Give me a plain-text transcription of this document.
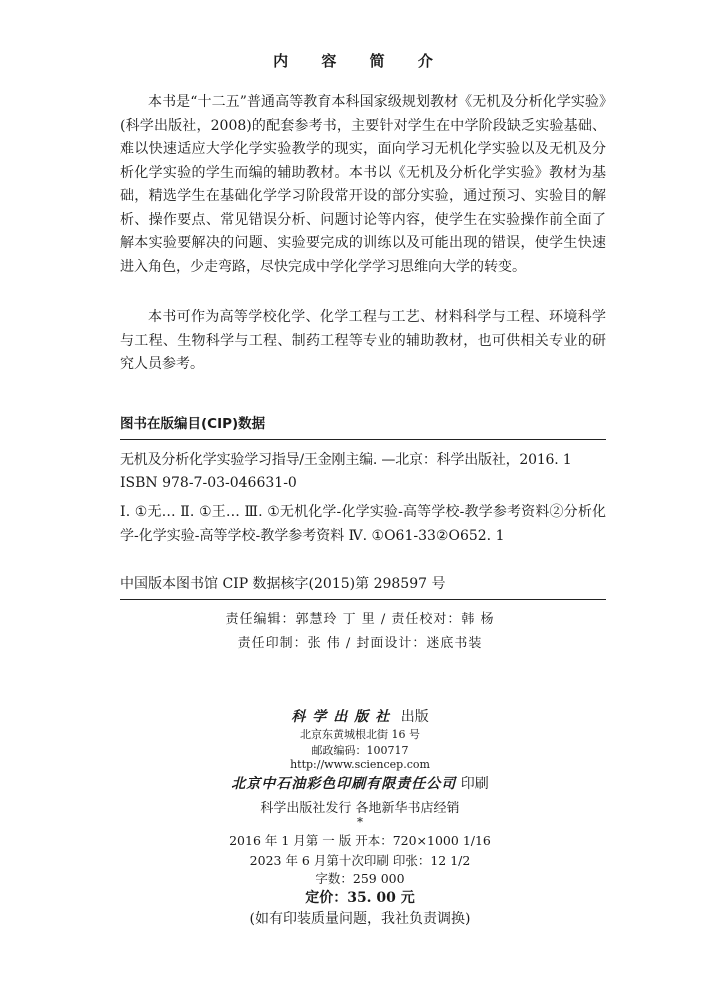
内 容 简 介

本书是“十二五”普通高等教育本科国家级规划教材《无机及分析化学实验》(科学出版社，2008)的配套参考书，主要针对学生在中学阶段缺乏实验基础、难以快速适应大学化学实验教学的现实，面向学习无机化学实验以及无机及分析化学实验的学生而编的辅助教材。本书以《无机及分析化学实验》教材为基础，精选学生在基础化学学习阶段常开设的部分实验，通过预习、实验目的解析、操作要点、常见错误分析、问题讨论等内容，使学生在实验操作前全面了解本实验要解决的问题、实验要完成的训练以及可能出现的错误，使学生快速进入角色，少走弯路，尽快完成中学化学学习思维向大学的转变。

本书可作为高等学校化学、化学工程与工艺、材料科学与工程、环境科学与工程、生物科学与工程、制药工程等专业的辅助教材，也可供相关专业的研究人员参考。

图书在版编目(CIP)数据

无机及分析化学实验学习指导/王金刚主编. —北京：科学出版社，2016. 1

ISBN 978-7-03-046631-0

Ⅰ. ①无… Ⅱ. ①王… Ⅲ. ①无机化学-化学实验-高等学校-教学参考资料②分析化学-化学实验-高等学校-教学参考资料 Ⅳ. ①O61-33②O652. 1

中国版本图书馆 CIP 数据核字(2015)第 298597 号

责任编辑：郭慧玲 丁 里 / 责任校对：韩 杨
责任印制：张 伟 / 封面设计：迷底书装

科学出版社 出版

北京东黄城根北街 16 号

邮政编码：100717

http://www.sciencep.com

北京中石油彩色印刷有限责任公司 印刷

科学出版社发行 各地新华书店经销

*

2016 年 1 月第 一 版 开本：720×1000 1/16

2023 年 6 月第十次印刷 印张：12 1/2

字数：259 000

定价：35. 00 元

(如有印装质量问题，我社负责调换)
